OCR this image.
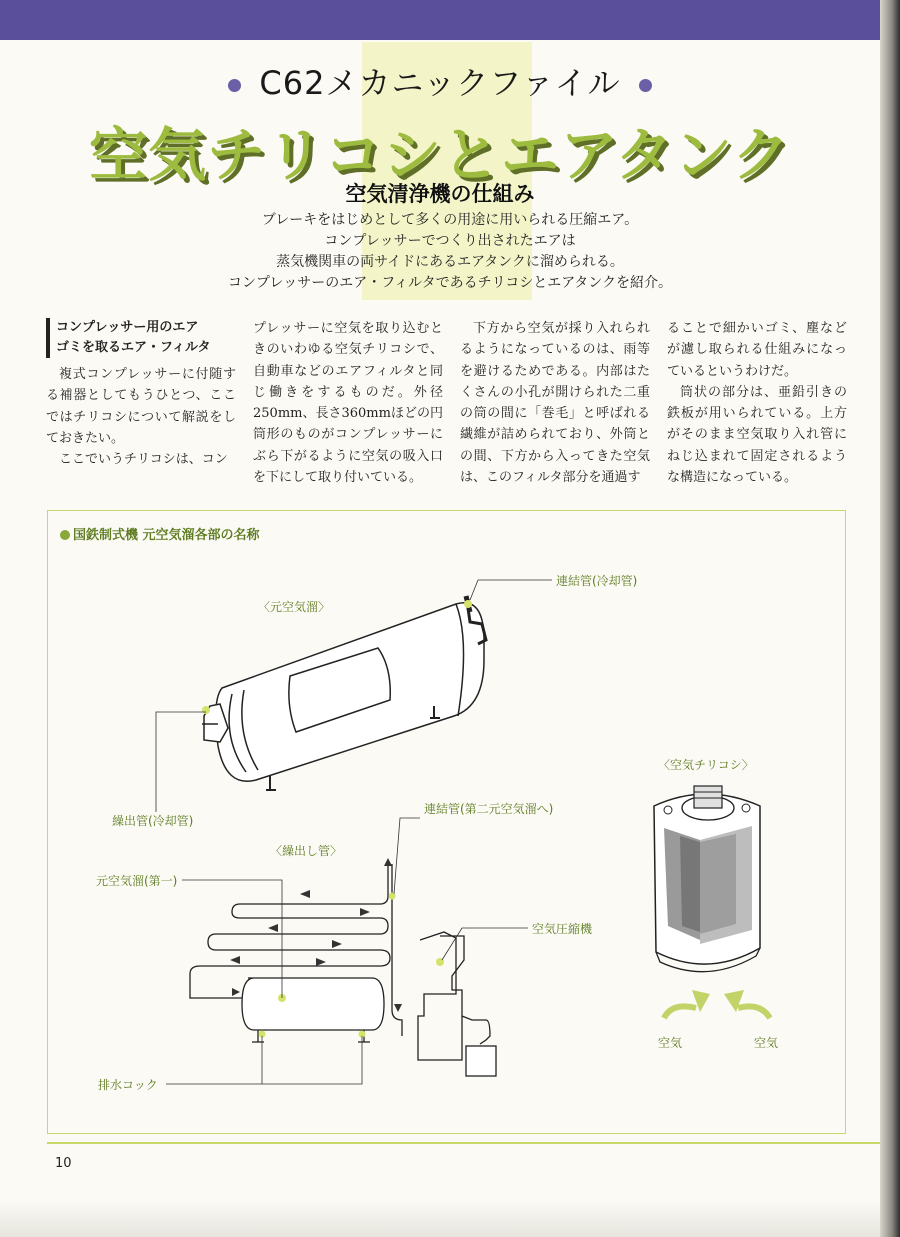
C62メカニックファイル
空気チリコシとエアタンク
空気清浄機の仕組み
ブレーキをはじめとして多くの用途に用いられる圧縮エア。
コンプレッサーでつくり出されたエアは
蒸気機関車の両サイドにあるエアタンクに溜められる。
コンプレッサーのエア・フィルタであるチリコシとエアタンクを紹介。
コンプレッサー用のエア
ゴミを取るエア・フィルタ

複式コンプレッサーに付随する補器としてもうひとつ、ここではチリコシについて解説をしておきたい。

ここでいうチリコシは、コン

プレッサーに空気を取り込むときのいわゆる空気チリコシで、自動車などのエアフィルタと同じ働きをするものだ。外径250mm、長さ360mmほどの円筒形のものがコンプレッサーにぶら下がるように空気の吸入口を下にして取り付いている。

下方から空気が採り入れられるようになっているのは、雨等を避けるためである。内部はたくさんの小孔が開けられた二重の筒の間に「巻毛」と呼ばれる繊維が詰められており、外筒との間、下方から入ってきた空気は、このフィルタ部分を通過す

ることで細かいゴミ、塵などが濾し取られる仕組みになっているというわけだ。

筒状の部分は、亜鉛引きの鉄板が用いられている。上方がそのまま空気取り入れ管にねじ込まれて固定されるような構造になっている。

国鉄制式機 元空気溜各部の名称
〈元空気溜〉
連結管(冷却管)
繰出管(冷却管)
連結管(第二元空気溜へ)
〈繰出し管〉
元空気溜(第一)
空気圧縮機
排水コック
〈空気チリコシ〉
空気	空気
10
